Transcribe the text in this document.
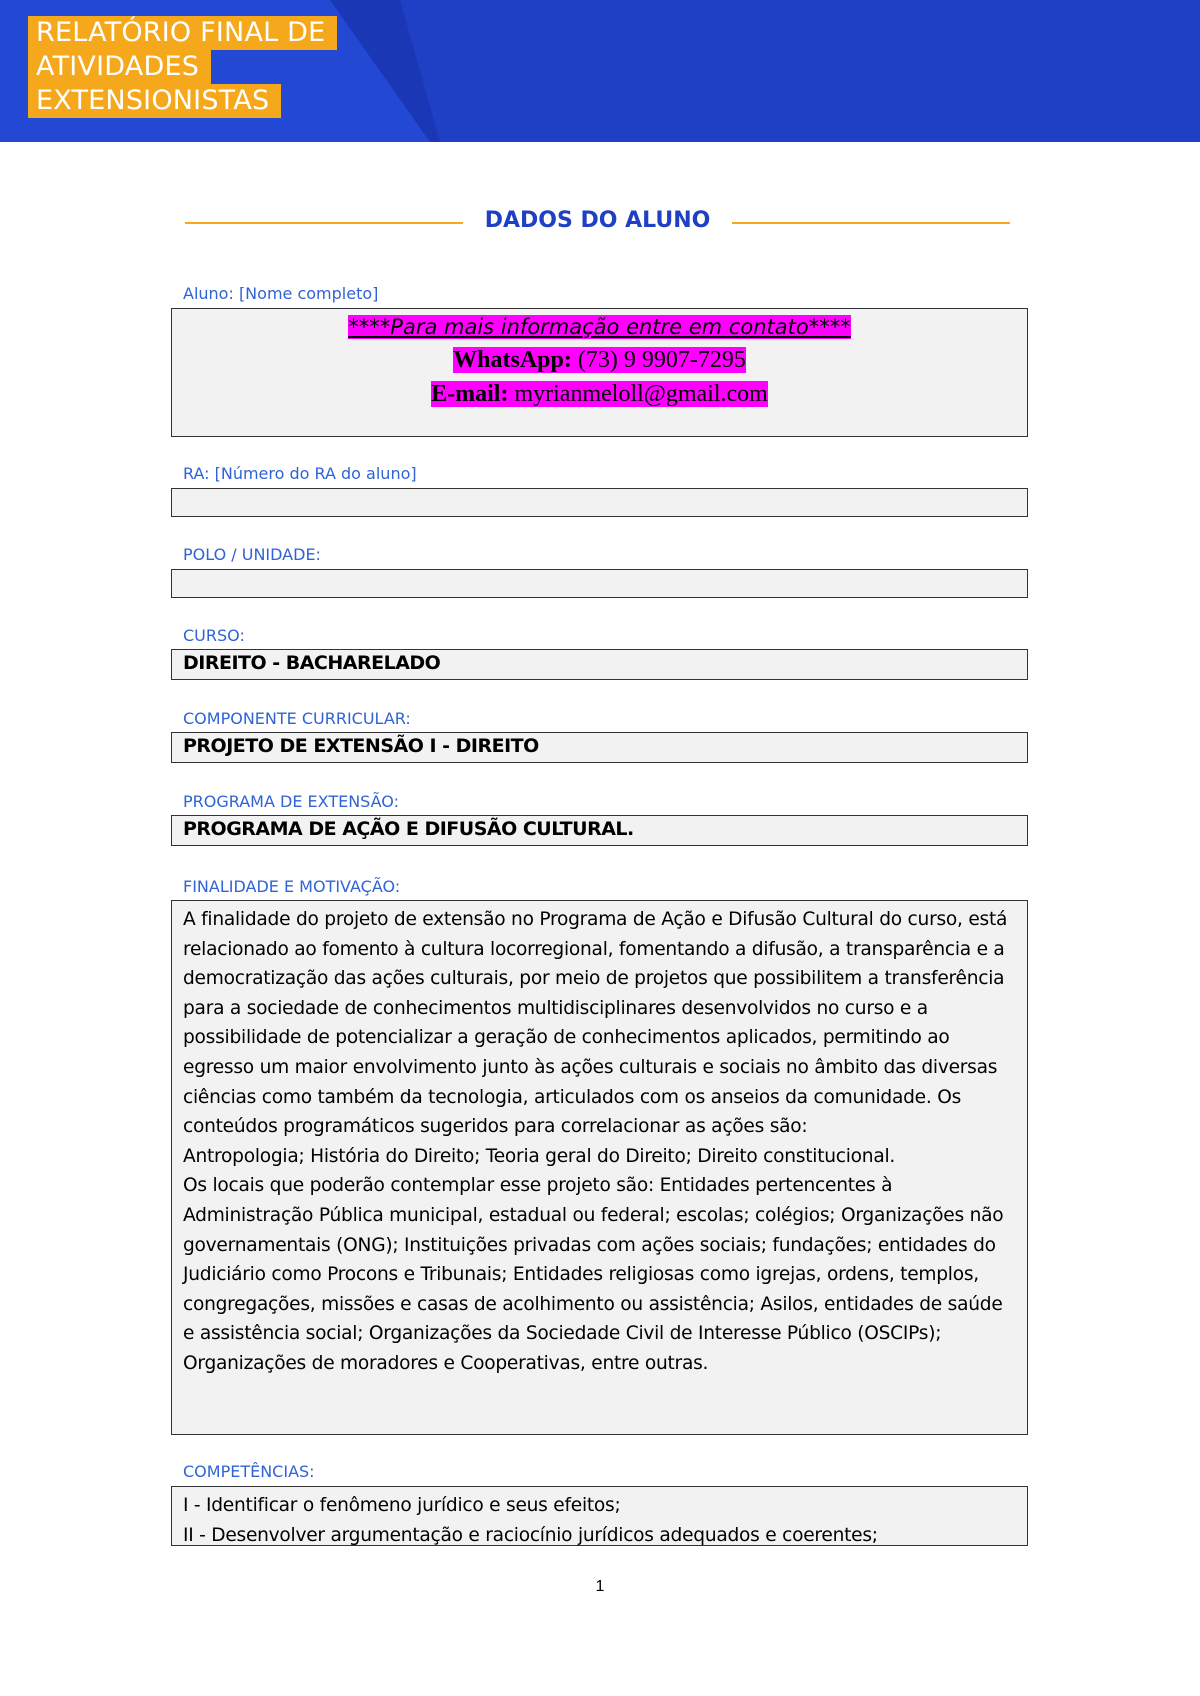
RELATÓRIO FINAL DE
ATIVIDADES
EXTENSIONISTAS
DADOS DO ALUNO
Aluno: [Nome completo]
****Para mais informação entre em contato****
WhatsApp: (73) 9 9907-7295
E-mail: myrianmeloll@gmail.com
RA: [Número do RA do aluno]
POLO / UNIDADE:
CURSO:
DIREITO - BACHARELADO
COMPONENTE CURRICULAR:
PROJETO DE EXTENSÃO I - DIREITO
PROGRAMA DE EXTENSÃO:
PROGRAMA DE AÇÃO E DIFUSÃO CULTURAL.
FINALIDADE E MOTIVAÇÃO:

A finalidade do projeto de extensão no Programa de Ação e Difusão Cultural do curso, está relacionado ao fomento à cultura locorregional, fomentando a difusão, a transparência e a democratização das ações culturais, por meio de projetos que possibilitem a transferência para a sociedade de conhecimentos multidisciplinares desenvolvidos no curso e a possibilidade de potencializar a geração de conhecimentos aplicados, permitindo ao egresso um maior envolvimento junto às ações culturais e sociais no âmbito das diversas ciências como também da tecnologia, articulados com os anseios da comunidade. Os conteúdos programáticos sugeridos para correlacionar as ações são:

Antropologia; História do Direito; Teoria geral do Direito; Direito constitucional.

Os locais que poderão contemplar esse projeto são: Entidades pertencentes à Administração Pública municipal, estadual ou federal; escolas; colégios; Organizações não governamentais (ONG); Instituições privadas com ações sociais; fundações; entidades do Judiciário como Procons e Tribunais; Entidades religiosas como igrejas, ordens, templos, congregações, missões e casas de acolhimento ou assistência; Asilos, entidades de saúde e assistência social; Organizações da Sociedade Civil de Interesse Público (OSCIPs); Organizações de moradores e Cooperativas, entre outras.

COMPETÊNCIAS:

I - Identificar o fenômeno jurídico e seus efeitos;

II - Desenvolver argumentação e raciocínio jurídicos adequados e coerentes;

1
